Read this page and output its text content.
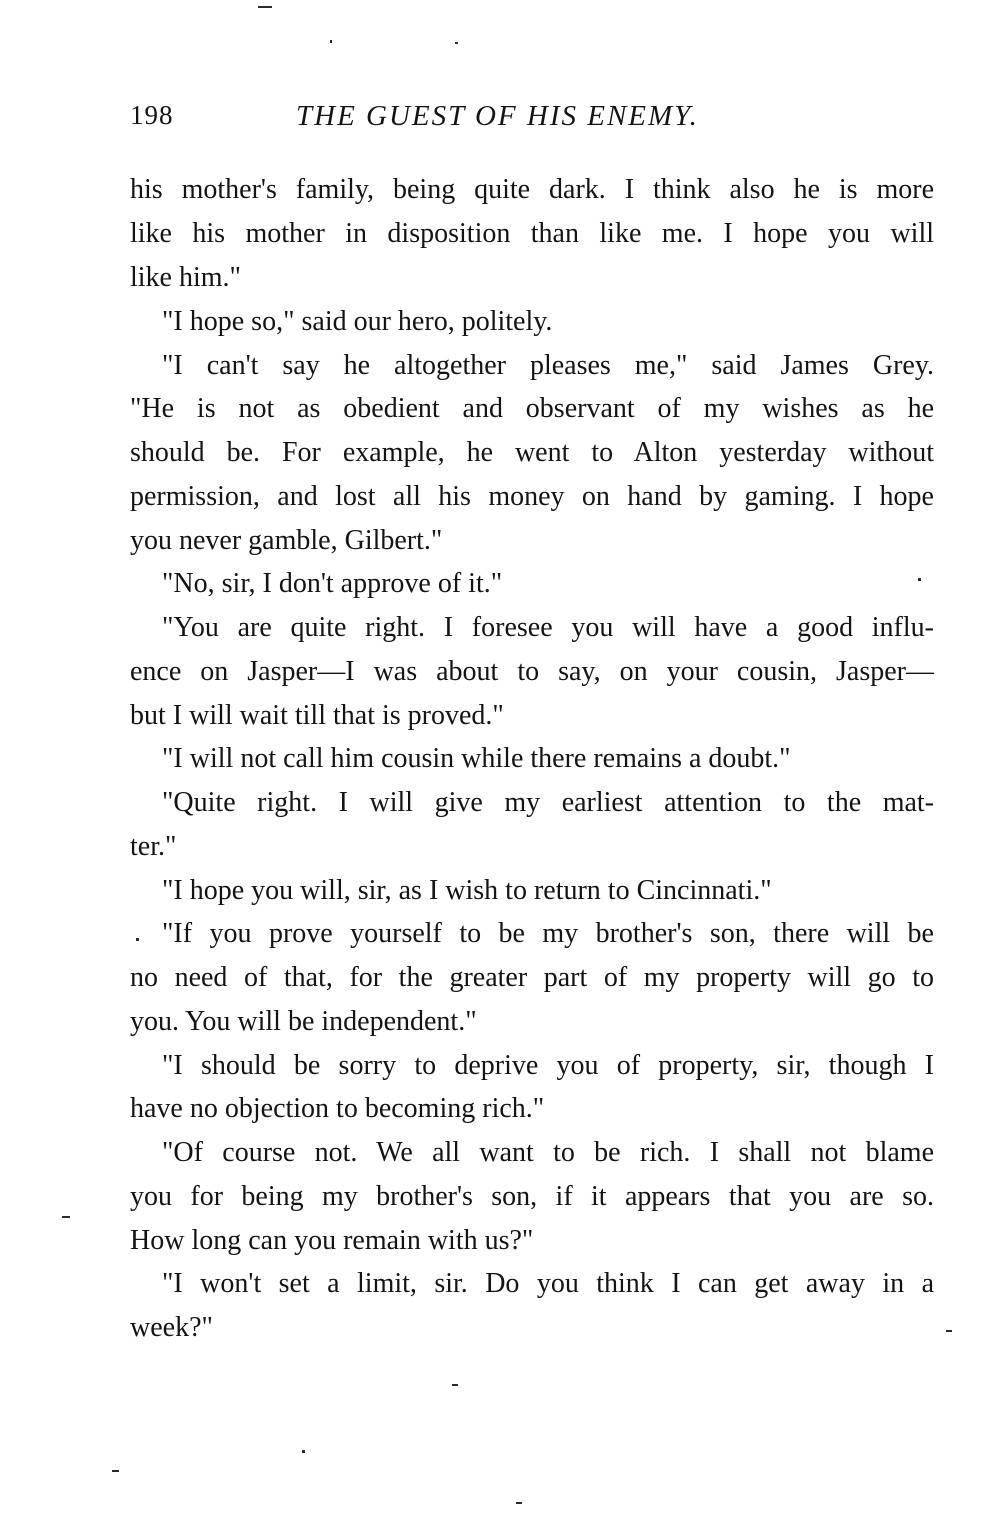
198	THE GUEST OF HIS ENEMY.
his mother's family, being quite dark. I think also he is more
like his mother in disposition than like me. I hope you will
like him."
"I hope so," said our hero, politely.
"I can't say he altogether pleases me," said James Grey.
"He is not as obedient and observant of my wishes as he
should be. For example, he went to Alton yesterday without
permission, and lost all his money on hand by gaming. I hope
you never gamble, Gilbert."
"No, sir, I don't approve of it."
"You are quite right. I foresee you will have a good influ-
ence on Jasper—I was about to say, on your cousin, Jasper—
but I will wait till that is proved."
"I will not call him cousin while there remains a doubt."
"Quite right. I will give my earliest attention to the mat-
ter."
"I hope you will, sir, as I wish to return to Cincinnati."
"If you prove yourself to be my brother's son, there will be
no need of that, for the greater part of my property will go to
you. You will be independent."
"I should be sorry to deprive you of property, sir, though I
have no objection to becoming rich."
"Of course not. We all want to be rich. I shall not blame
you for being my brother's son, if it appears that you are so.
How long can you remain with us?"
"I won't set a limit, sir. Do you think I can get away in a
week?"
